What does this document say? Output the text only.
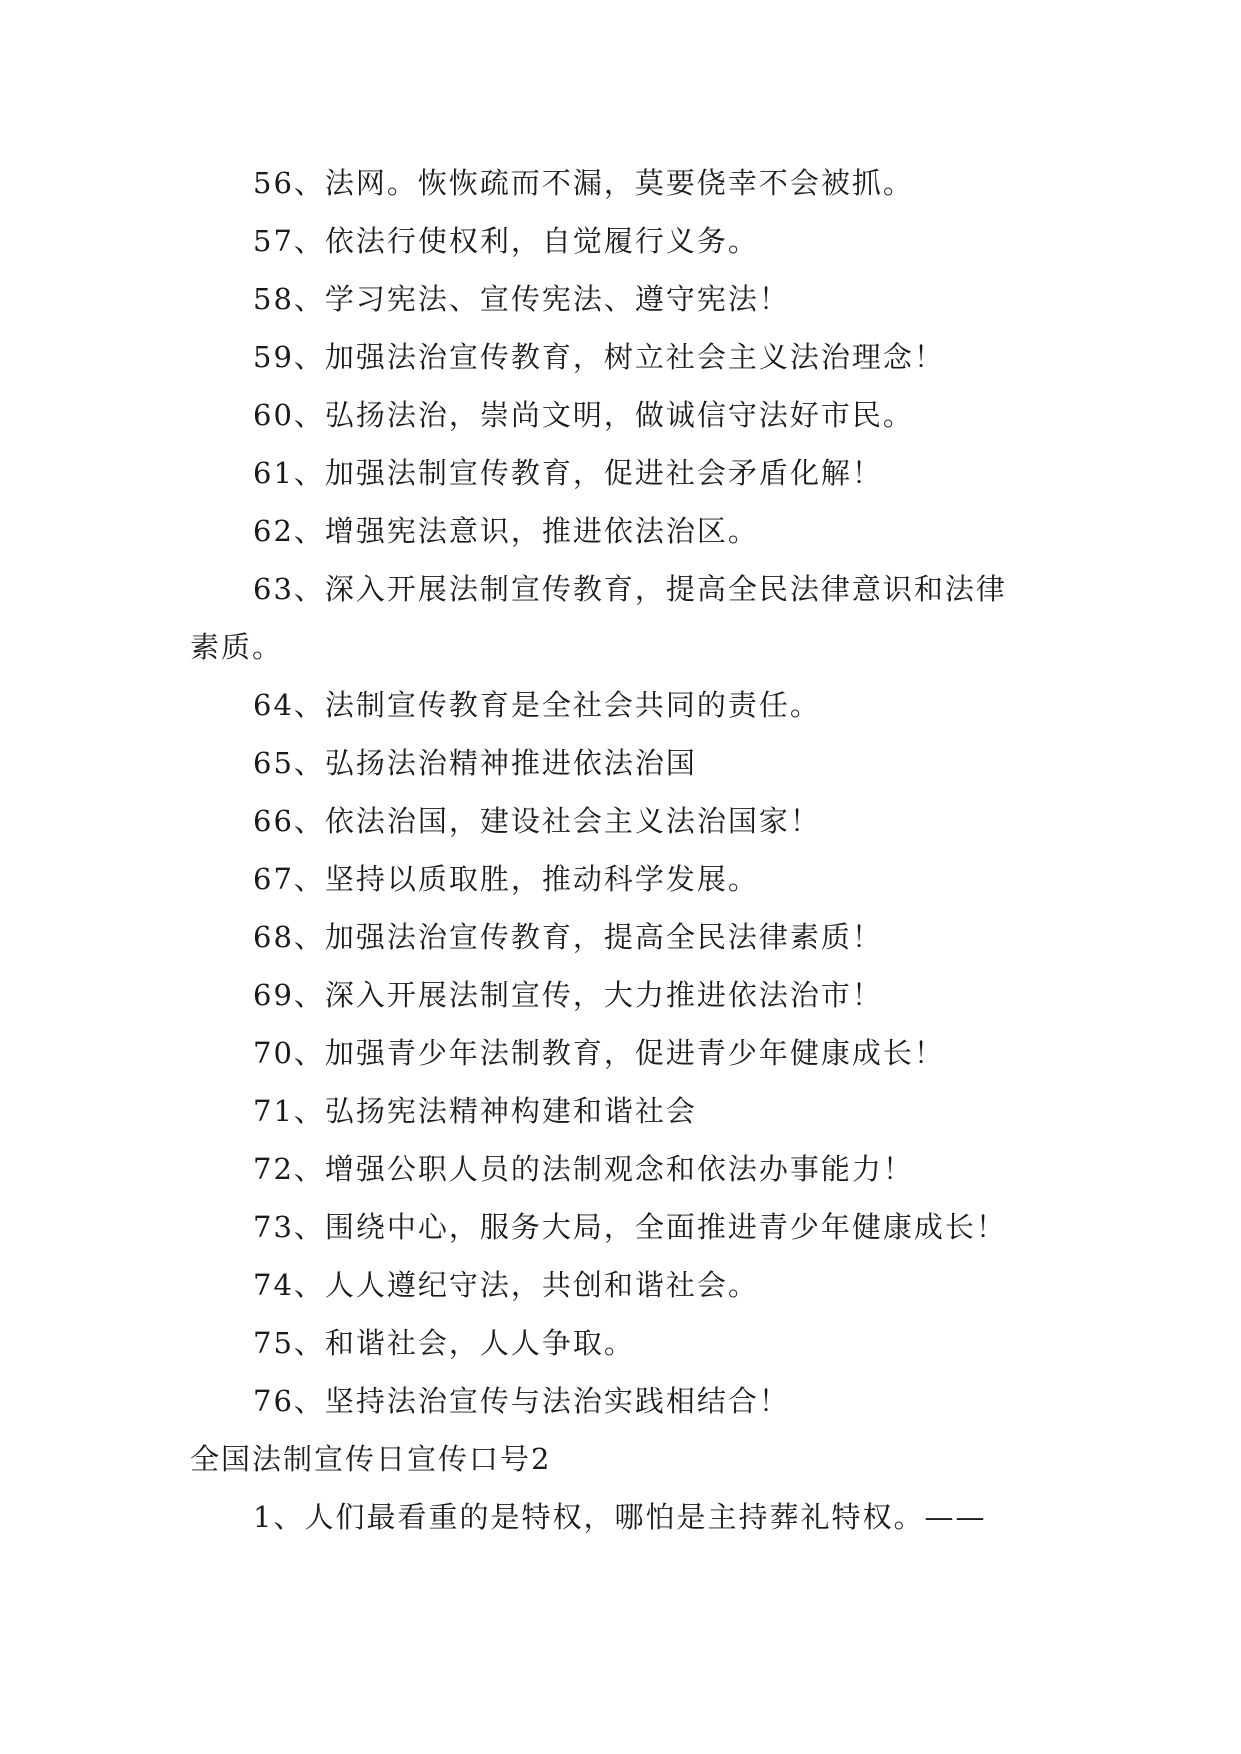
56、法网。恢恢疏而不漏，莫要侥幸不会被抓。
57、依法行使权利，自觉履行义务。
58、学习宪法、宣传宪法、遵守宪法！
59、加强法治宣传教育，树立社会主义法治理念！
60、弘扬法治，崇尚文明，做诚信守法好市民。
61、加强法制宣传教育，促进社会矛盾化解！
62、增强宪法意识，推进依法治区。
63、深入开展法制宣传教育，提高全民法律意识和法律
素质。
64、法制宣传教育是全社会共同的责任。
65、弘扬法治精神推进依法治国
66、依法治国，建设社会主义法治国家！
67、坚持以质取胜，推动科学发展。
68、加强法治宣传教育，提高全民法律素质！
69、深入开展法制宣传，大力推进依法治市！
70、加强青少年法制教育，促进青少年健康成长！
71、弘扬宪法精神构建和谐社会
72、增强公职人员的法制观念和依法办事能力！
73、围绕中心，服务大局，全面推进青少年健康成长！
74、人人遵纪守法，共创和谐社会。
75、和谐社会，人人争取。
76、坚持法治宣传与法治实践相结合！
全国法制宣传日宣传口号2
1、人们最看重的是特权，哪怕是主持葬礼特权。——
